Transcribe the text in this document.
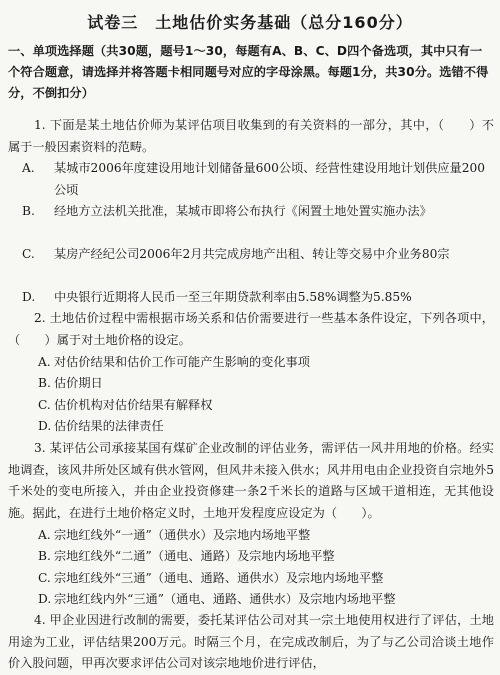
试卷三　土地估价实务基础（总分160分）
一、单项选择题（共30题，题号1～30，每题有A、B、C、D四个备选项，其中只有一个符合题意，请选择并将答题卡相同题号对应的字母涂黑。每题1分，共30分。选错不得分，不倒扣分）
1. 下面是某土地估价师为某评估项目收集到的有关资料的一部分，其中，（　　）不属于一般因素资料的范畴。
A. 某城市2006年度建设用地计划储备量600公顷、经营性建设用地计划供应量200公顷
B. 经地方立法机关批准，某城市即将公布执行《闲置土地处置实施办法》
C. 某房产经纪公司2006年2月共完成房地产出租、转让等交易中介业务80宗
D. 中央银行近期将人民币一至三年期贷款利率由5.58%调整为5.85%
2. 土地估价过程中需根据市场关系和估价需要进行一些基本条件设定，下列各项中，（　　）属于对土地价格的设定。
A. 对估价结果和估价工作可能产生影响的变化事项
B. 估价期日
C. 估价机构对估价结果有解释权
D. 估价结果的法律责任
3. 某评估公司承接某国有煤矿企业改制的评估业务，需评估一风井用地的价格。经实地调查，该风井所处区域有供水管网，但风井未接入供水；风井用电由企业投资自宗地外5千米处的变电所接入，并由企业投资修建一条2千米长的道路与区域干道相连，无其他设施。据此，在进行土地价格定义时，土地开发程度应设定为（　　）。
A. 宗地红线外“一通”（通供水）及宗地内场地平整
B. 宗地红线外“二通”（通电、通路）及宗地内场地平整
C. 宗地红线外“三通”（通电、通路、通供水）及宗地内场地平整
D. 宗地红线内外“三通”（通电、通路、通供水）及宗地内场地平整
4. 甲企业因进行改制的需要，委托某评估公司对其一宗土地使用权进行了评估，土地用途为工业，评估结果200万元。时隔三个月，在完成改制后，为了与乙公司洽谈土地作价入股问题，甲再次要求评估公司对该宗地地价进行评估，
